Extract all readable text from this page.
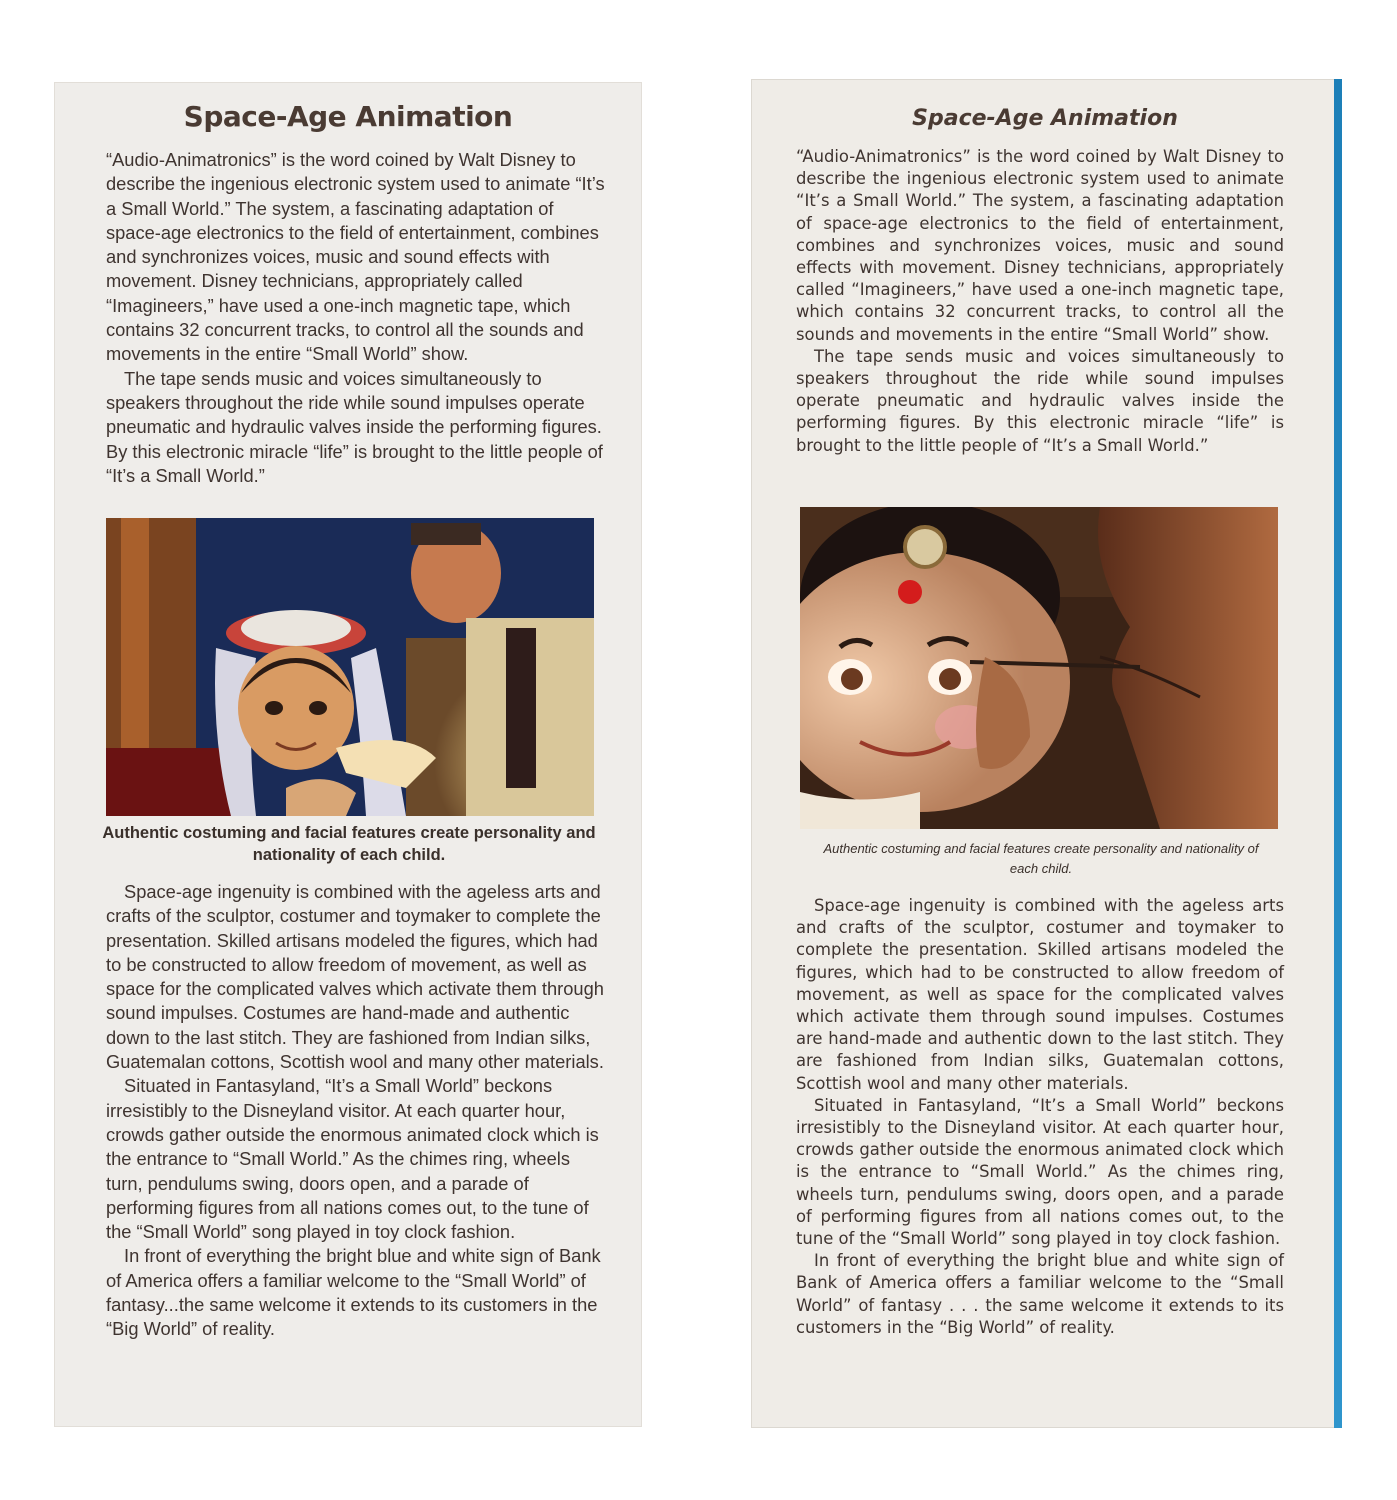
Space-Age Animation

“Audio-Animatronics” is the word coined by Walt Disney to describe the ingenious electronic system used to animate “It’s a Small World.” The system, a fascinating adaptation of space-age electronics to the field of entertainment, combines and synchronizes voices, music and sound effects with movement. Disney technicians, appropriately called “Imagineers,” have used a one-inch magnetic tape, which contains 32 concurrent tracks, to control all the sounds and movements in the entire “Small World” show.

The tape sends music and voices simultaneously to speakers throughout the ride while sound impulses operate pneumatic and hydraulic valves inside the performing figures. By this electronic miracle “life” is brought to the little people of “It’s a Small World.”

Authentic costuming and facial features create personality and nationality of each child.

Space-age ingenuity is combined with the ageless arts and crafts of the sculptor, costumer and toymaker to complete the presentation. Skilled artisans modeled the figures, which had to be constructed to allow freedom of movement, as well as space for the complicated valves which activate them through sound impulses. Costumes are hand-made and authentic down to the last stitch. They are fashioned from Indian silks, Guatemalan cottons, Scottish wool and many other materials.

Situated in Fantasyland, “It’s a Small World” beckons irresistibly to the Disneyland visitor. At each quarter hour, crowds gather outside the enormous animated clock which is the entrance to “Small World.” As the chimes ring, wheels turn, pendulums swing, doors open, and a parade of performing figures from all nations comes out, to the tune of the “Small World” song played in toy clock fashion.

In front of everything the bright blue and white sign of Bank of America offers a familiar welcome to the “Small World” of fantasy...the same welcome it extends to its customers in the “Big World” of reality.

Space-Age Animation

“Audio-Animatronics” is the word coined by Walt Disney to describe the ingenious electronic system used to animate “It’s a Small World.” The system, a fascinating adaptation of space-age electronics to the field of entertainment, combines and synchronizes voices, music and sound effects with movement. Disney technicians, appropriately called “Imagineers,” have used a one-inch magnetic tape, which contains 32 concurrent tracks, to control all the sounds and movements in the entire “Small World” show.

The tape sends music and voices simultaneously to speakers throughout the ride while sound impulses operate pneumatic and hydraulic valves inside the performing figures. By this electronic miracle “life” is brought to the little people of “It’s a Small World.”

Authentic costuming and facial features create personality and nationality of each child.

Space-age ingenuity is combined with the ageless arts and crafts of the sculptor, costumer and toymaker to complete the presentation. Skilled artisans modeled the figures, which had to be constructed to allow freedom of movement, as well as space for the complicated valves which activate them through sound impulses. Costumes are hand-made and authentic down to the last stitch. They are fashioned from Indian silks, Guatemalan cottons, Scottish wool and many other materials.

Situated in Fantasyland, “It’s a Small World” beckons irresistibly to the Disneyland visitor. At each quarter hour, crowds gather outside the enormous animated clock which is the entrance to “Small World.” As the chimes ring, wheels turn, pendulums swing, doors open, and a parade of performing figures from all nations comes out, to the tune of the “Small World” song played in toy clock fashion.

In front of everything the bright blue and white sign of Bank of America offers a familiar welcome to the “Small World” of fantasy . . . the same welcome it extends to its customers in the “Big World” of reality.
